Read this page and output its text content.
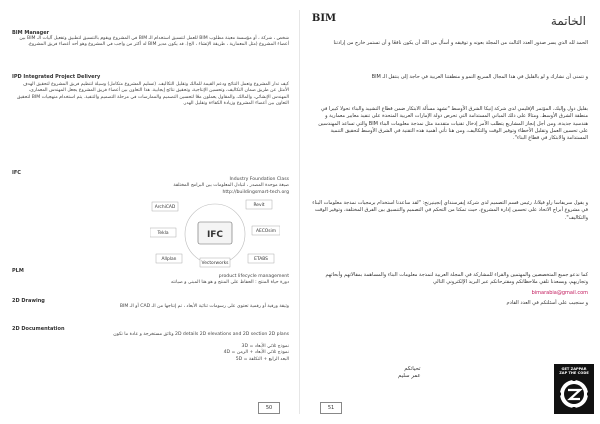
BIM Manager

شخص ، شركة ، أو مؤسسة معينة مطلوب BIM للعمل لتنسيق استخدام الـ BIM في المشروع ويقوم بالتنسيق لتطبيق وتفعيل آليات الـ BIM بين أعضاء المشروع (مثل المعمارية ، طريقة الإنشاء ، الخ). قد يكون مدير BIM له أكثر من واجب في المشروع وهو أحد أعضاء فريق المشروع.

IPD Integrated Project Delivery

كيف تدار المشروع وتعمل النتائج ودعم القيمة للمالك وتقليل التكاليف. (تسليم المشروع متكامل) وسيلة لتنظيم فريق المشروع لتحقيق الهدف الأمثل عن طريق ضمان التكاليف، وتحسين الإنتاجية، وتحقيق نتائج إيجابية. هذا التعاون بين أعضاء فريق المشروع يجعل المهندس المعماري، المهندس الإنشائي، والمالك، والمقاول يعملون معًا لتحسين التصميم والممارسات في مرحلة التصميم والتنفيذ. يتم استخدام منهجيات BIM لتحقيق التعاون بين أعضاء المشروع وزيادة الكفاءة وتقليل الهدر.

IFC

Industry Foundation Class

صيغة موحدة المصدر ، لتبادل المعلومات بين البرامج المختلفة

http://buildingsmart-tech.org

IFC
ArchiCAD	Revit
Tekla	AECOsim
Allplan
Vectorworks
ETABS
PLM

product lifecycle management

دورة حياة المنتج : الحفاظ على المنتج و هو هنا المبنى و صيانته

2D Drawing

وثيقة ورقية أو رقمية تحتوي على رسومات ثنائية الأبعاد ، تم إنتاجها من الـ CAD أو الـ BIM

2D Documentation

2D details 2D elevations and 2D section 2D plans وثائق مستخرجة و عادة ما تكون

نموذج ثلاثي الأبعاد = 3D

نموذج ثلاثي الأبعاد + الزمن = 4D

البعد الرابع + التكلفة = 5D

50
BIM	الخاتمة

الحمد لله الذي يسر صدور العدد الثالث من المجلة بعونه و توفيقه و أسأل من الله أن يكون نافعًا و أن تستمر خارج من إرادتنا

و نتمنى أن نشارك و لو بالقليل في هذا المجال السريع النمو و منطقتنا العربية في حاجة إلى ينتقل الـ BIM

بقليل دول وإليك، المؤتمر الإقليمي لدى شركة إنيكا الشرق الأوسط "تشهد مسألة الابتكار ضمن قطاع التشييد والبناء تحولا كبيرا في منطقة الشرق الأوسط. ومثالا على ذلك المباني المستدامة التي تحرص دولة الإمارات العربية المتحدة على تنفيذ معايير معمارية و هندسية جديدة، ومن أجل إنجاز المشاريع يتطلب الأمر إدخال تقنيات متقدمة مثل نمذجة معلومات البناء BIM والتي تساعد المهندسين على تحسين العمل وتقليل الأخطاء وتوفير الوقت والتكاليف، ومن هنا تأتي أهمية هذه التقنية في الشرق الأوسط لتحقيق التنمية المستدامة والابتكار في قطاع البناء".

و يقول سريفاسا راو فيلانا، رئيس قسم التصميم لدى شركة إيفرسنداي إنجينيرنج: "لقد ساعدنا استخدام برمجيات نمذجة معلومات البناء في مشروع أبراج الاتحاد على تحسين إدارة المشروع، حيث تمكنا من التحكم في التصميم والتنسيق بين الفرق المختلفة، وتوفير الوقت والتكاليف".

كما ندعو جميع المتخصصين والمهتمين والقراء للمشاركة في المجلة العربية لنمذجة معلومات البناء والمساهمة بمقالاتهم وأبحاثهم وتجاربهم، ويسعدنا تلقي ملاحظاتكم ومقترحاتكم عبر البريد الإلكتروني التالي

bimarabia@gmail.com

و سنجيب على أسئلتكم في العدد القادم

تحياتكم
عمر سليم
GET ZAPPAR
ZAP THE CODE
51
